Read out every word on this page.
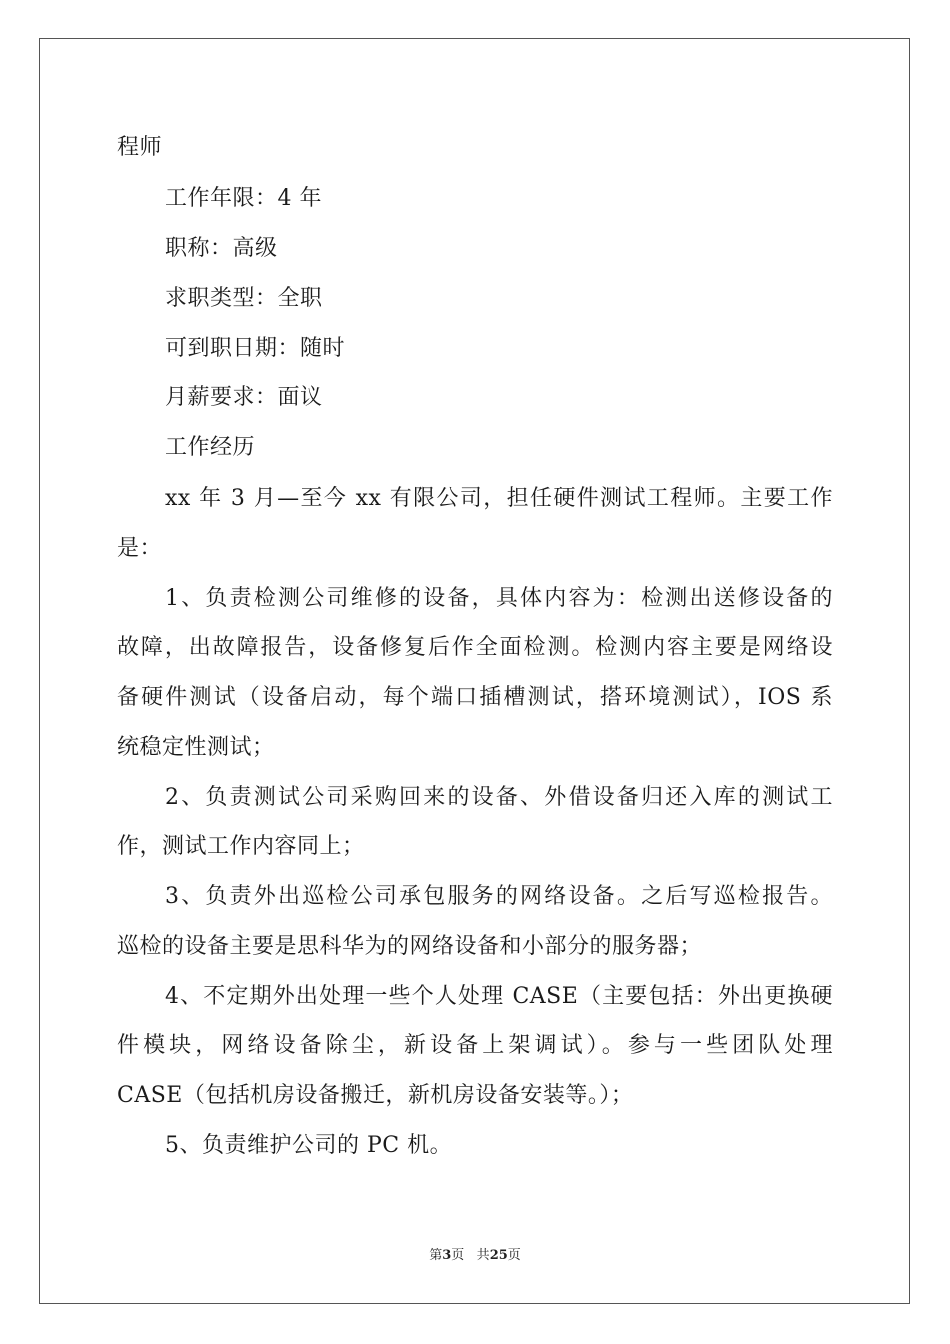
程师
工作年限：4 年
职称：高级
求职类型：全职
可到职日期：随时
月薪要求：面议
工作经历
xx 年 3 月—至今 xx 有限公司，担任硬件测试工程师。主要工作
是：
1、负责检测公司维修的设备，具体内容为：检测出送修设备的
故障，出故障报告，设备修复后作全面检测。检测内容主要是网络设
备硬件测试（设备启动，每个端口插槽测试，搭环境测试），IOS 系
统稳定性测试；
2、负责测试公司采购回来的设备、外借设备归还入库的测试工
作，测试工作内容同上；
3、负责外出巡检公司承包服务的网络设备。之后写巡检报告。
巡检的设备主要是思科华为的网络设备和小部分的服务器；
4、不定期外出处理一些个人处理 CASE（主要包括：外出更换硬
件模块，网络设备除尘，新设备上架调试）。参与一些团队处理
CASE（包括机房设备搬迁，新机房设备安装等。）；
5、负责维护公司的 PC 机。
第3页 共25页
